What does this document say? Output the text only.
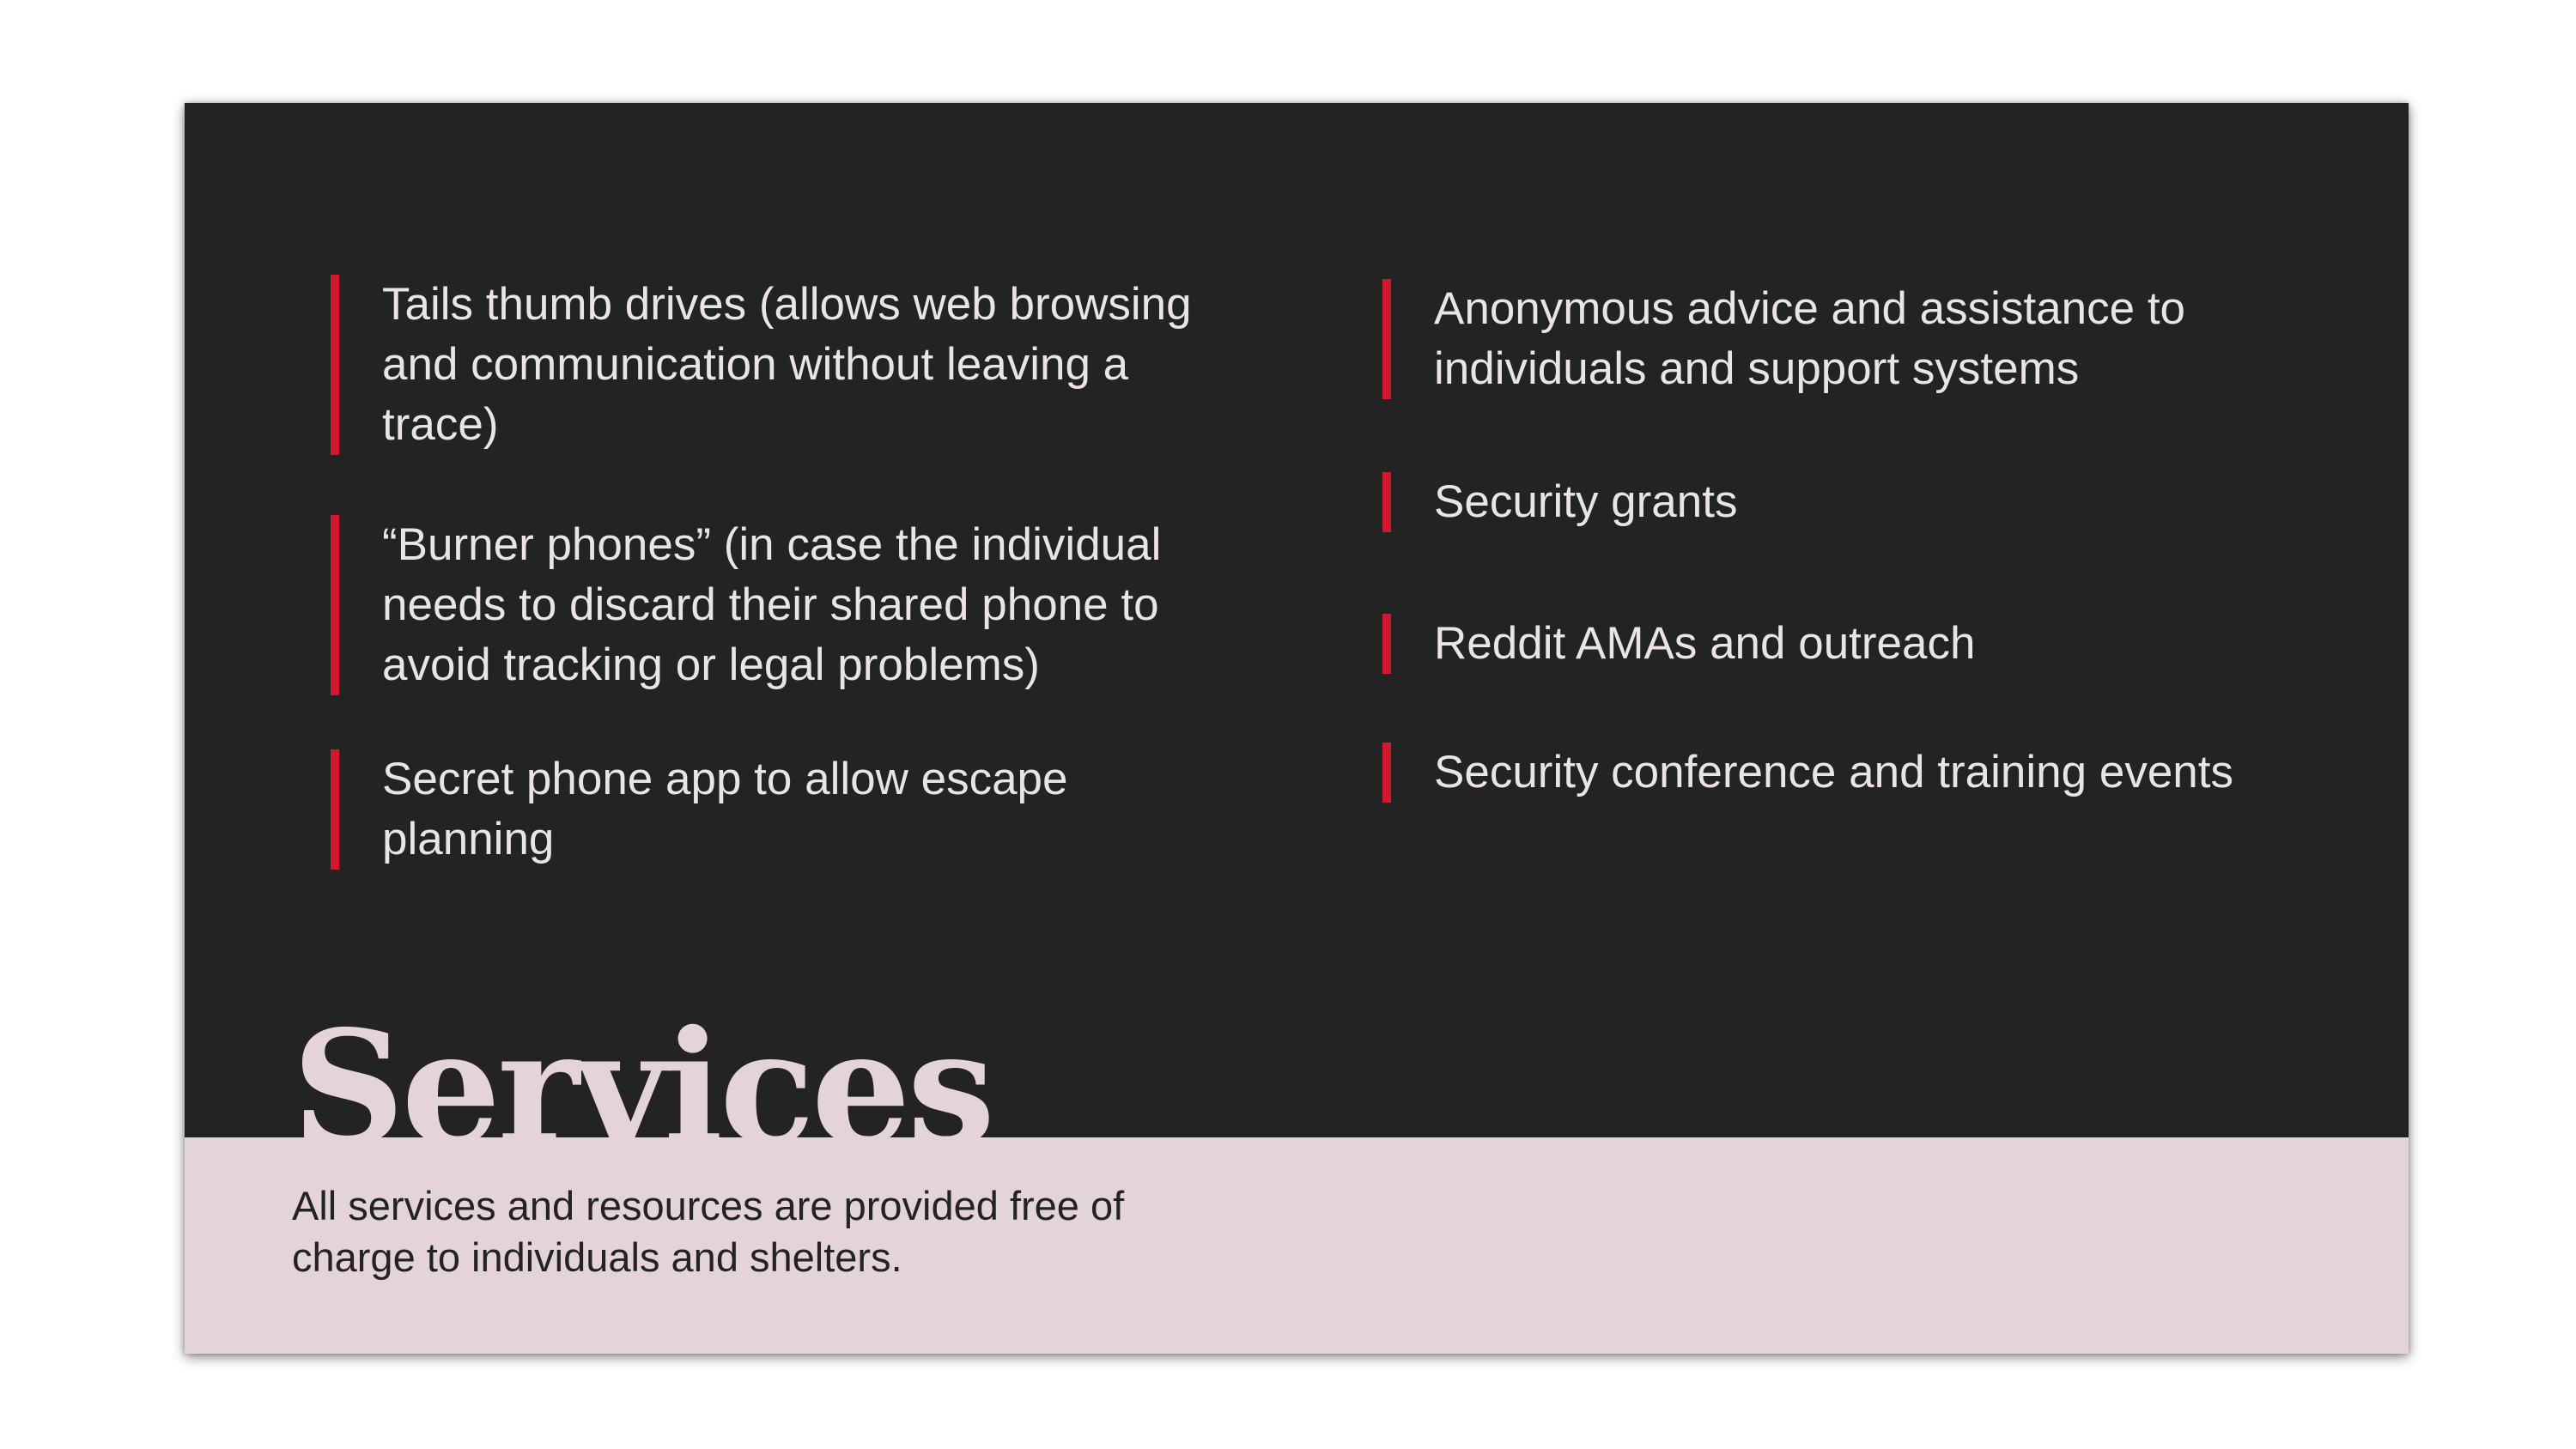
Tails thumb drives (allows web browsing and communication without leaving a trace)
“Burner phones” (in case the individual needs to discard their shared phone to avoid tracking or legal problems)
Secret phone app to allow escape planning
Anonymous advice and assistance to individuals and support systems
Security grants
Reddit AMAs and outreach
Security conference and training events
Services

All services and resources are provided free of charge to individuals and shelters.
